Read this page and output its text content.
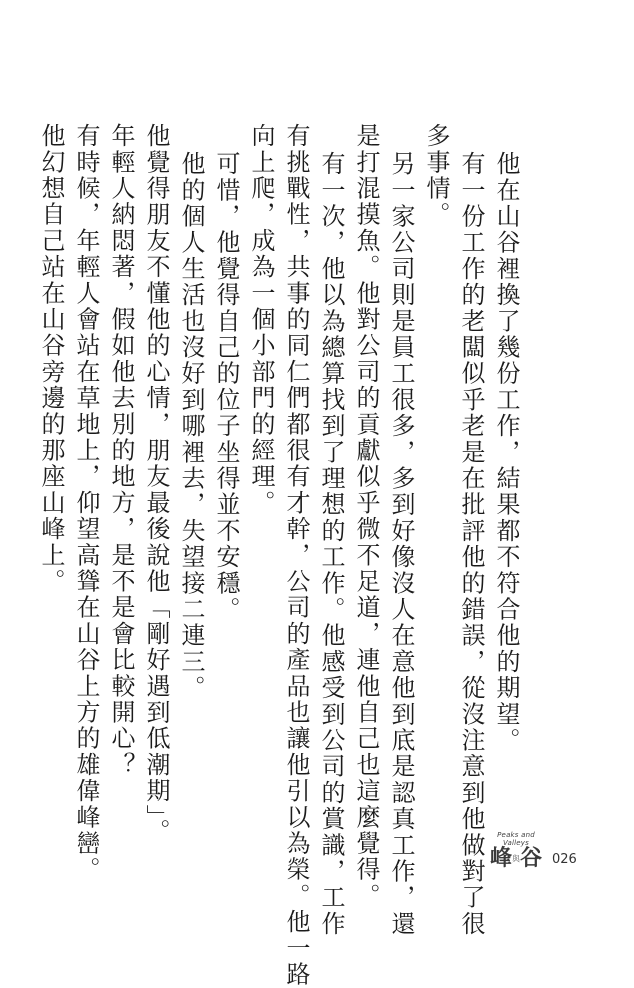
他在山谷裡換了幾份工作，結果都不符合他的期望。
有一份工作的老闆似乎老是在批評他的錯誤，從沒注意到他做對了很
多事情。
另一家公司則是員工很多，多到好像沒人在意他到底是認真工作，還
是打混摸魚。他對公司的貢獻似乎微不足道，連他自己也這麼覺得。
有一次，他以為總算找到了理想的工作。他感受到公司的賞識，工作
有挑戰性，共事的同仁們都很有才幹，公司的產品也讓他引以為榮。他一路
向上爬，成為一個小部門的經理。
可惜，他覺得自己的位子坐得並不安穩。
他的個人生活也沒好到哪裡去，失望接二連三。
他覺得朋友不懂他的心情，朋友最後說他「剛好遇到低潮期」。
年輕人納悶著，假如他去別的地方，是不是會比較開心？
有時候，年輕人會站在草地上，仰望高聳在山谷上方的雄偉峰巒。
他幻想自己站在山谷旁邊的那座山峰上。
Peaks and Valleys
峰與谷 026
